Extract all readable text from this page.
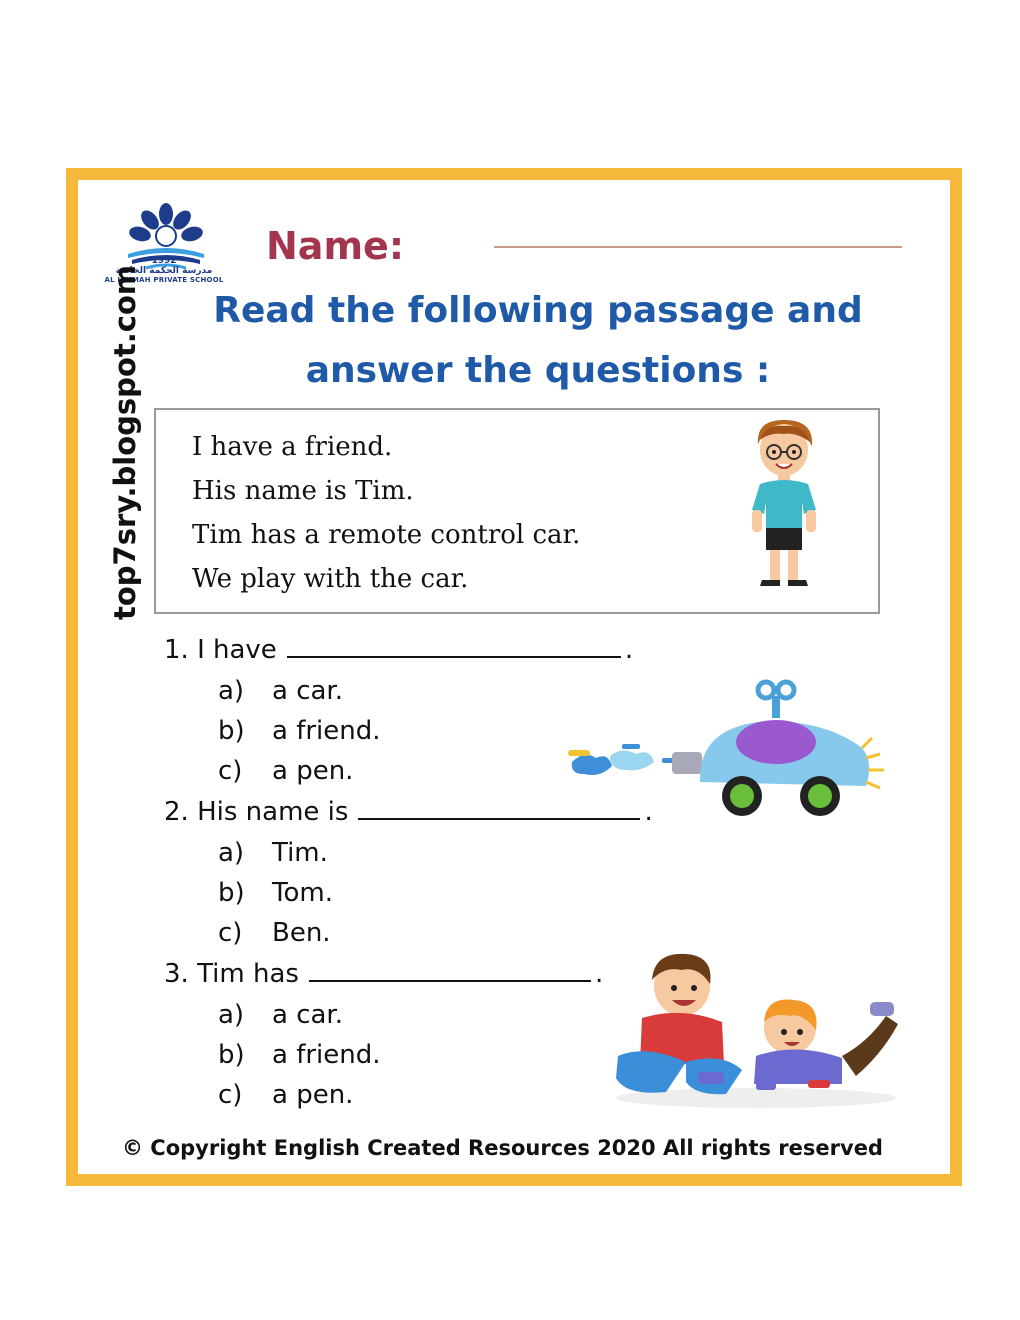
1992
مدرسة الحكمة الخاصة
AL HIKMAH PRIVATE SCHOOL
Name:
Read the following passage and
answer the questions :
I have a friend.
His name is Tim.
Tim has a remote control car.
We play with the car.
1. I have	.
a) a car.
b) a friend.
c) a pen.
2. His name is	.
a) Tim.
b) Tom.
c) Ben.
3. Tim has	.
a) a car.
b) a friend.
c) a pen.
top7sry.blogspot.com
© Copyright English Created Resources 2020 All rights reserved
